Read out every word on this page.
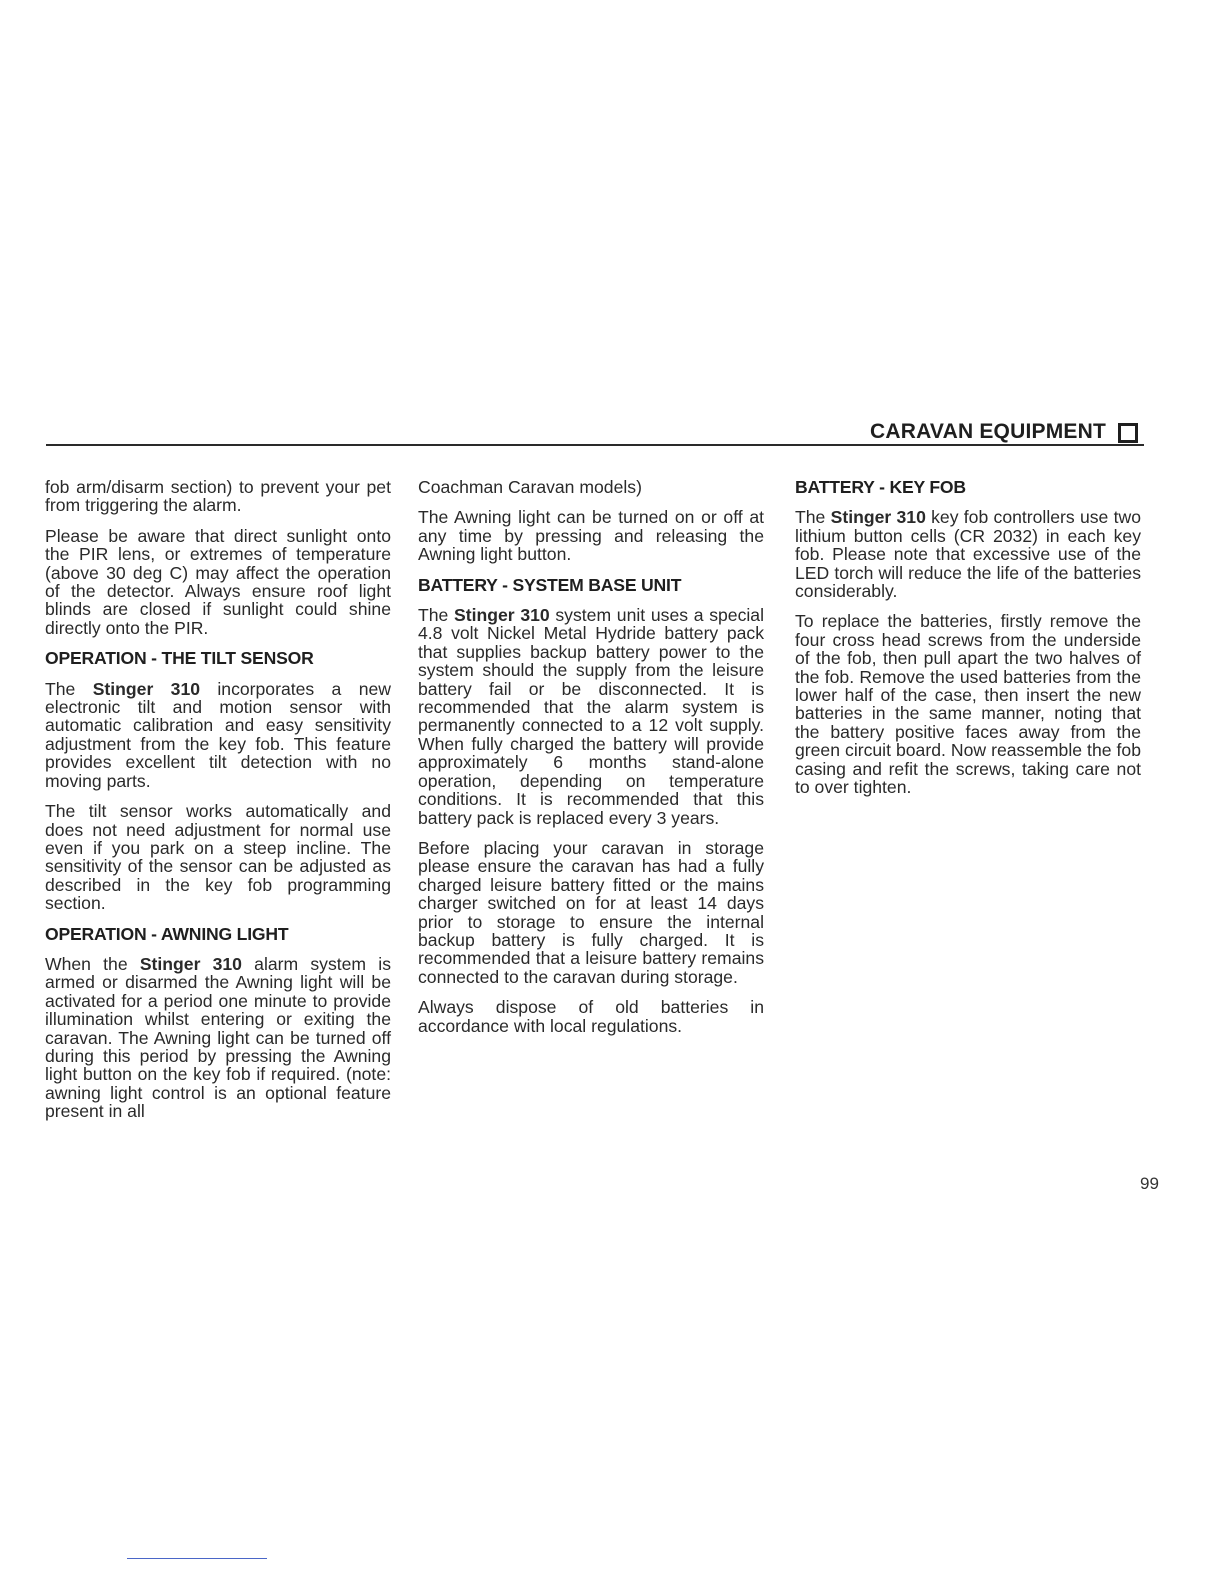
CARAVAN EQUIPMENT

fob arm/disarm section) to prevent your pet from triggering the alarm.

Please be aware that direct sunlight onto the PIR lens, or extremes of temperature (above 30 deg C) may affect the operation of the detector. Always ensure roof light blinds are closed if sunlight could shine directly onto the PIR.

OPERATION - THE TILT SENSOR

The Stinger 310 incorporates a new electronic tilt and motion sensor with automatic calibration and easy sensitivity adjustment from the key fob. This feature provides excellent tilt detection with no moving parts.

The tilt sensor works automatically and does not need adjustment for normal use even if you park on a steep incline. The sensitivity of the sensor can be adjusted as described in the key fob programming section.

OPERATION - AWNING LIGHT

When the Stinger 310 alarm system is armed or disarmed the Awning light will be activated for a period one minute to provide illumination whilst entering or exiting the caravan. The Awning light can be turned off during this period by pressing the Awning light button on the key fob if required. (note: awning light control is an optional feature present in all

Coachman Caravan models)

The Awning light can be turned on or off at any time by pressing and releasing the Awning light button.

BATTERY - SYSTEM BASE UNIT

The Stinger 310 system unit uses a special 4.8 volt Nickel Metal Hydride battery pack that supplies backup battery power to the system should the supply from the leisure battery fail or be disconnected. It is recommended that the alarm system is permanently connected to a 12 volt supply. When fully charged the battery will provide approximately 6 months stand-alone operation, depending on temperature conditions. It is recommended that this battery pack is replaced every 3 years.

Before placing your caravan in storage please ensure the caravan has had a fully charged leisure battery fitted or the mains charger switched on for at least 14 days prior to storage to ensure the internal backup battery is fully charged. It is recommended that a leisure battery remains connected to the caravan during storage.

Always dispose of old batteries in accordance with local regulations.

BATTERY - KEY FOB

The Stinger 310 key fob controllers use two lithium button cells (CR 2032) in each key fob. Please note that excessive use of the LED torch will reduce the life of the batteries considerably.

To replace the batteries, firstly remove the four cross head screws from the underside of the fob, then pull apart the two halves of the fob. Remove the used batteries from the lower half of the case, then insert the new batteries in the same manner, noting that the battery positive faces away from the green circuit board. Now reassemble the fob casing and refit the screws, taking care not to over tighten.

99
